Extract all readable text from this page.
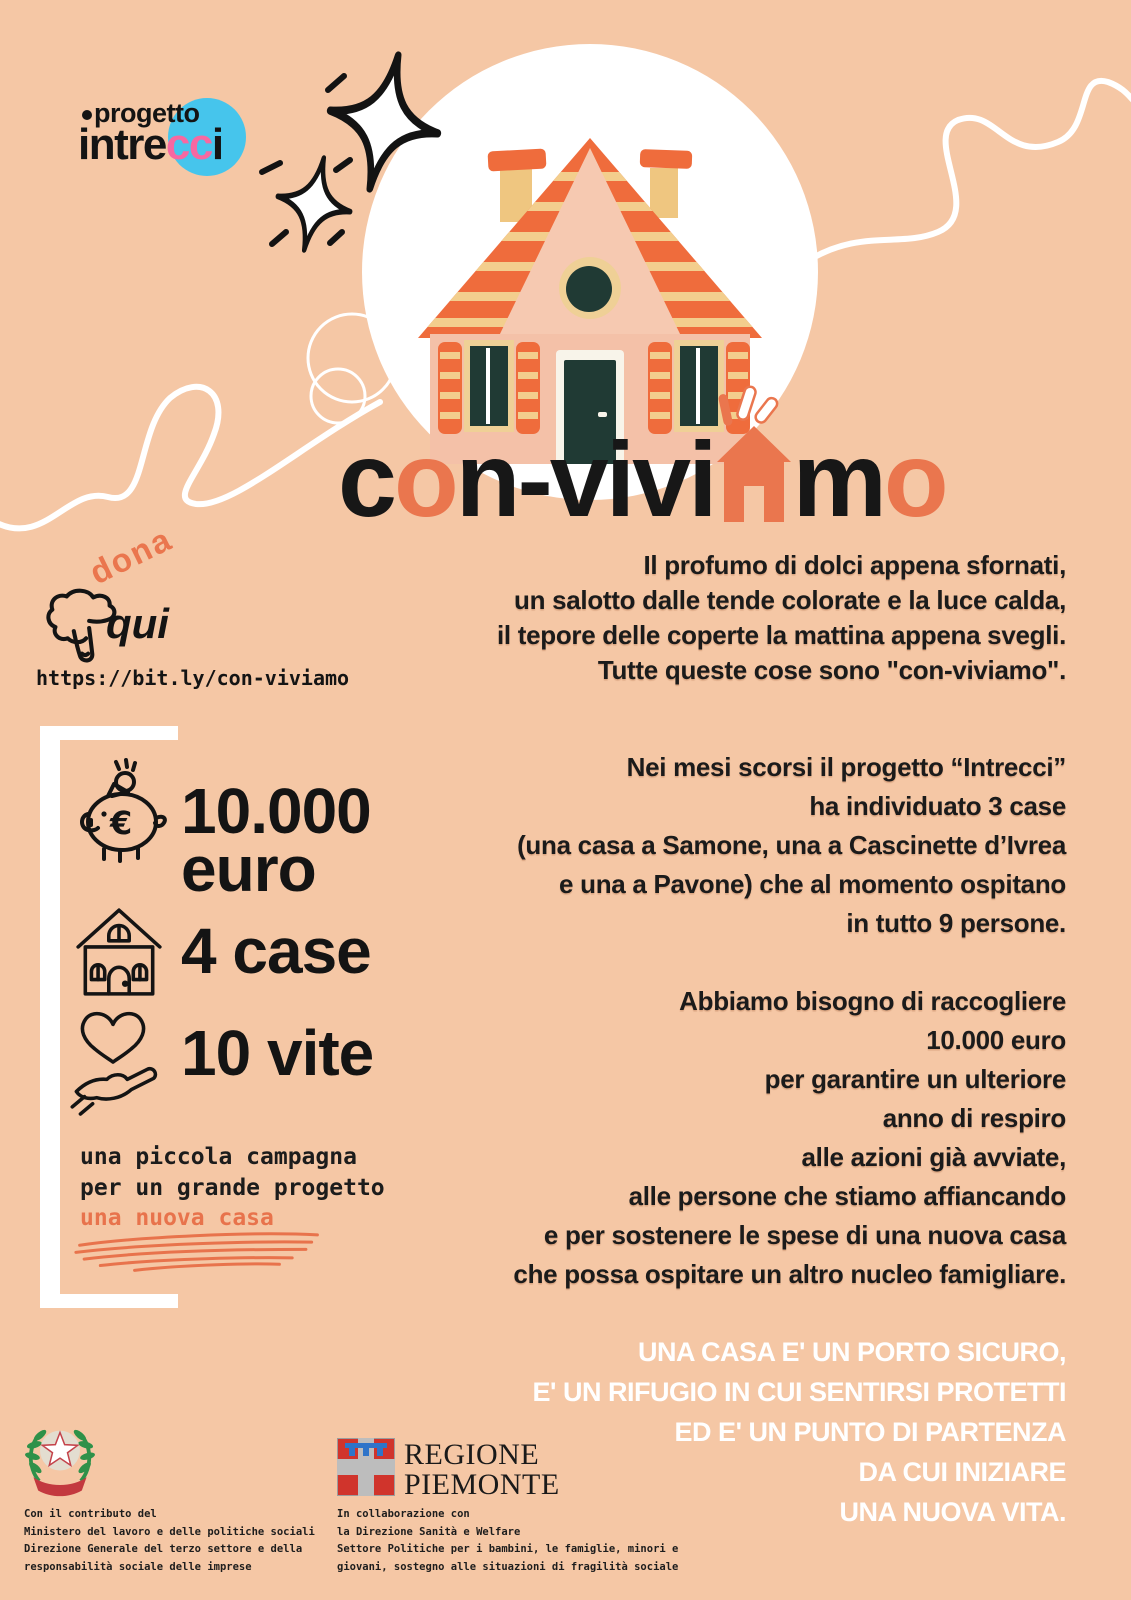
progetto
intrecci
con-vivi mo
Il profumo di dolci appena sfornati,
un salotto dalle tende colorate e la luce calda,
il tepore delle coperte la mattina appena svegli.
Tutte queste cose sono "con-viviamo".
Nei mesi scorsi il progetto “Intrecci”
ha individuato 3 case
(una casa a Samone, una a Cascinette d’Ivrea
e una a Pavone) che al momento ospitano
in tutto 9 persone.
Abbiamo bisogno di raccogliere
10.000 euro
per garantire un ulteriore
anno di respiro
alle azioni già avviate,
alle persone che stiamo affiancando
e per sostenere le spese di una nuova casa
che possa ospitare un altro nucleo famigliare.
UNA CASA E' UN PORTO SICURO,
E' UN RIFUGIO IN CUI SENTIRSI PROTETTI
ED E' UN PUNTO DI PARTENZA
DA CUI INIZIARE
UNA NUOVA VITA.
dona
qui
https://bit.ly/con-viviamo
€ 10.000
euro
4 case
10 vite
una piccola campagna
per un grande progetto
una nuova casa
Con il contributo del
Ministero del lavoro e delle politiche sociali
Direzione Generale del terzo settore e della
responsabilità sociale delle imprese
REGIONE
PIEMONTE
In collaborazione con
la Direzione Sanità e Welfare
Settore Politiche per i bambini, le famiglie, minori e
giovani, sostegno alle situazioni di fragilità sociale
